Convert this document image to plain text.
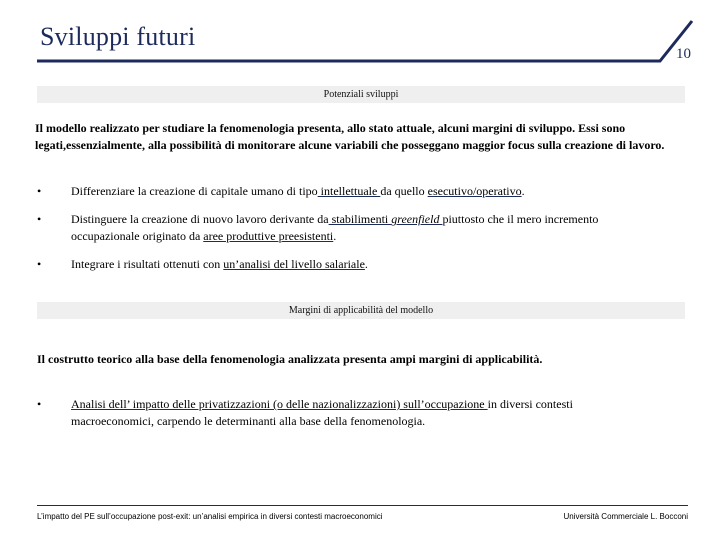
Sviluppi futuri
10
Potenziali sviluppi
Il modello realizzato per studiare la fenomenologia presenta, allo stato attuale, alcuni margini di sviluppo. Essi sono legati,essenzialmente, alla possibilità di monitorare alcune variabili che posseggano maggior focus sulla creazione di lavoro.
• Differenziare la creazione di capitale umano di tipo intellettuale da quello esecutivo/operativo.
• Distinguere la creazione di nuovo lavoro derivante da stabilimenti greenfield piuttosto che il mero incremento occupazionale originato da aree produttive preesistenti.
• Integrare i risultati ottenuti con un’analisi del livello salariale.
Margini di applicabilità del modello
Il costrutto teorico alla base della fenomenologia analizzata presenta ampi margini di applicabilità.
• Analisi dell’ impatto delle privatizzazioni (o delle nazionalizzazioni) sull’occupazione in diversi contesti macroeconomici, carpendo le determinanti alla base della fenomenologia.
L’impatto del PE sull’occupazione post-exit: un’analisi empirica in diversi contesti macroeconomici	Università Commerciale L. Bocconi
